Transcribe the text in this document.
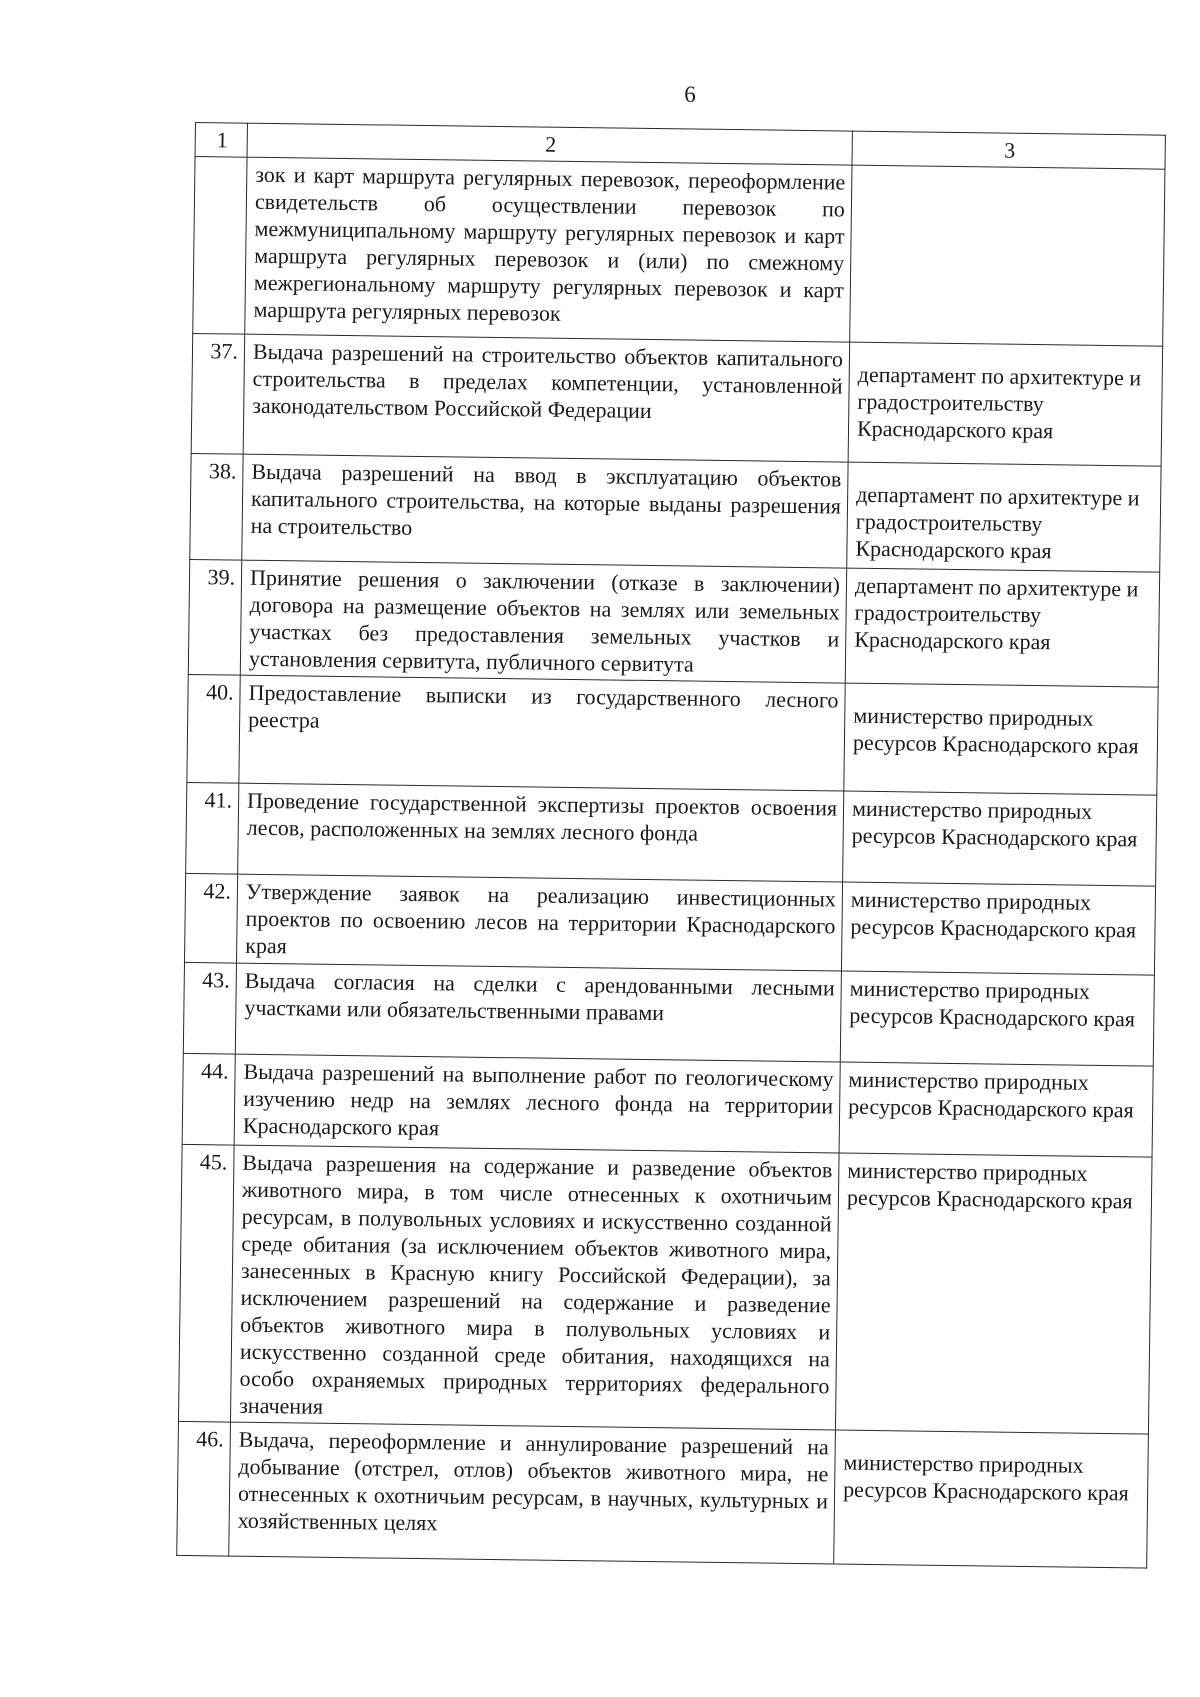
6
1	2	3
	зок и карт маршрута регулярных перевозок, переоформление свидетельств об осуществлении перевозок по межмуниципальному маршруту регулярных перевозок и карт маршрута регулярных перевозок и (или) по смежному межрегиональному маршруту регулярных перевозок и карт маршрута регулярных перевозок	
37.	Выдача разрешений на строительство объектов капитального строительства в пределах компетенции, установленной законодательством Российской Федерации	департамент по архитектуре и градостроительству Краснодарского края
38.	Выдача разрешений на ввод в эксплуатацию объектов капитального строительства, на которые выданы разрешения на строительство	департамент по архитектуре и градостроительству Краснодарского края
39.	Принятие решения о заключении (отказе в заключении) договора на размещение объектов на землях или земельных участках без предоставления земельных участков и установления сервитута, публичного сервитута	департамент по архитектуре и градостроительству Краснодарского края
40.	Предоставление выписки из государственного лесного реестра	министерство природных ресурсов Краснодарского края
41.	Проведение государственной экспертизы проектов освоения лесов, расположенных на землях лесного фонда	министерство природных ресурсов Краснодарского края
42.	Утверждение заявок на реализацию инвестиционных проектов по освоению лесов на территории Краснодарского края	министерство природных ресурсов Краснодарского края
43.	Выдача согласия на сделки с арендованными лесными участками или обязательственными правами	министерство природных ресурсов Краснодарского края
44.	Выдача разрешений на выполнение работ по геологическому изучению недр на землях лесного фонда на территории Краснодарского края	министерство природных ресурсов Краснодарского края
45.	Выдача разрешения на содержание и разведение объектов животного мира, в том числе отнесенных к охотничьим ресурсам, в полувольных условиях и искусственно созданной среде обитания (за исключением объектов животного мира, занесенных в Красную книгу Российской Федерации), за исключением разрешений на содержание и разведение объектов животного мира в полувольных условиях и искусственно созданной среде обитания, находящихся на особо охраняемых природных территориях федерального значения	министерство природных ресурсов Краснодарского края
46.	Выдача, переоформление и аннулирование разрешений на добывание (отстрел, отлов) объектов животного мира, не отнесенных к охотничьим ресурсам, в научных, культурных и хозяйственных целях	министерство природных ресурсов Краснодарского края
